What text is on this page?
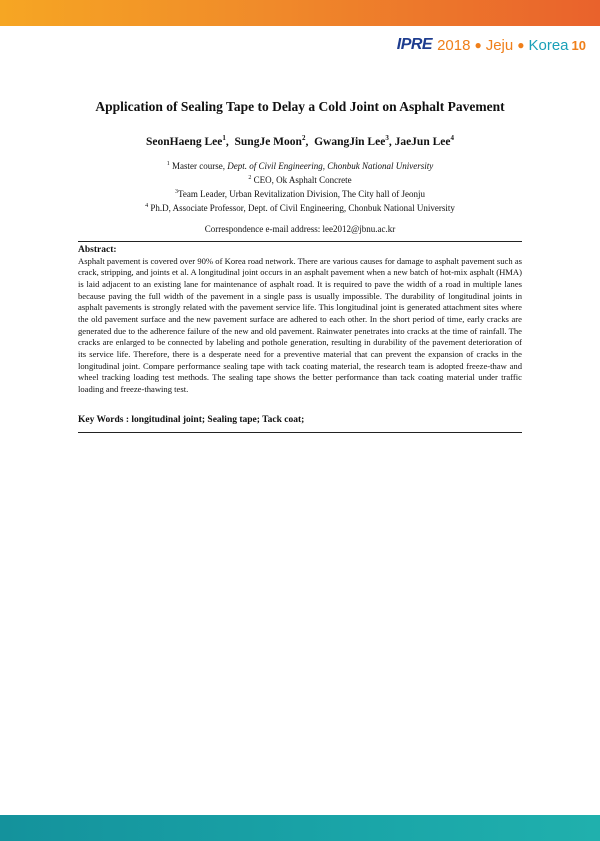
IPRE 2018 ● Jeju ● Korea 10
Application of Sealing Tape to Delay a Cold Joint on Asphalt Pavement
SeonHaeng Lee$^1$,  SungJe Moon$^2$,  GwangJin Lee$^3$, JaeJun Lee$^4$
$^1$ Master course, Dept. of Civil Engineering, Chonbuk National University
$^2$ CEO, Ok Asphalt Concrete
$^3$Team Leader, Urban Revitalization Division, The City hall of Jeonju
$^4$ Ph.D, Associate Professor, Dept. of Civil Engineering, Chonbuk National University
Correspondence e-mail address: lee2012@jbnu.ac.kr
Abstract:
Asphalt pavement is covered over 90% of Korea road network. There are various causes for damage to asphalt pavement such as crack, stripping, and joints et al. A longitudinal joint occurs in an asphalt pavement when a new batch of hot-mix asphalt (HMA) is laid adjacent to an existing lane for maintenance of asphalt road. It is required to pave the width of a road in multiple lanes because paving the full width of the pavement in a single pass is usually impossible. The durability of longitudinal joints in asphalt pavements is strongly related with the pavement service life. This longitudinal joint is generated attachment sites where the old pavement surface and the new pavement surface are adhered to each other. In the short period of time, early cracks are generated due to the adherence failure of the new and old pavement. Rainwater penetrates into cracks at the time of rainfall. The cracks are enlarged to be connected by labeling and pothole generation, resulting in durability of the pavement deterioration of its service life. Therefore, there is a desperate need for a preventive material that can prevent the expansion of cracks in the longitudinal joint. Compare performance sealing tape with tack coating material, the research team is adopted freeze-thaw and wheel tracking loading test methods. The sealing tape shows the better performance than tack coating material under traffic loading and freeze-thawing test.
Key Words : longitudinal joint; Sealing tape; Tack coat;
